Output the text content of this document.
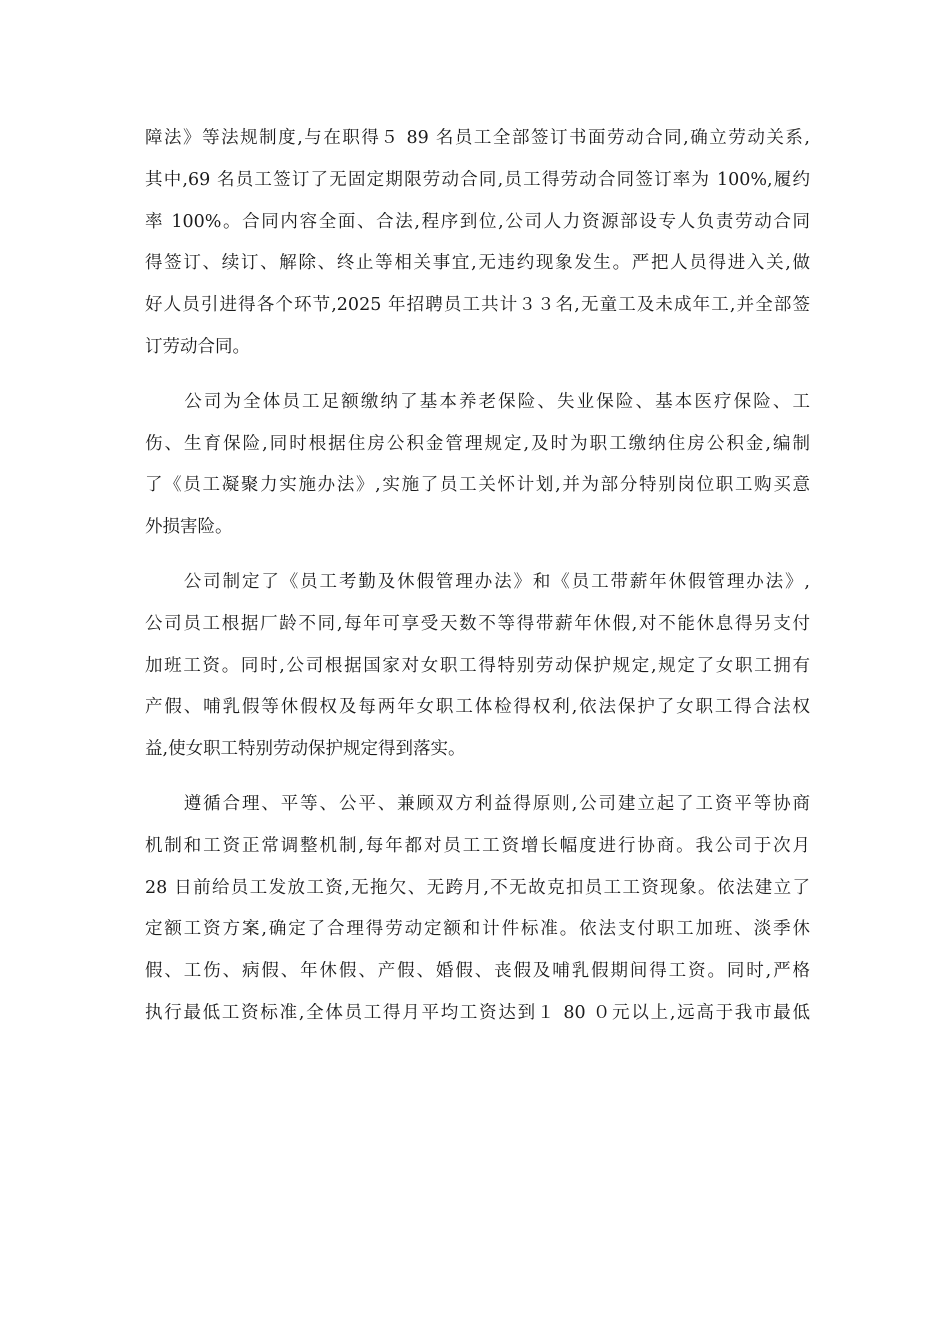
障法》等法规制度,与在职得５ 89 名员工全部签订书面劳动合同,确立劳动关系,
其中,69 名员工签订了无固定期限劳动合同,员工得劳动合同签订率为 100%,履约
率 100%。合同内容全面、合法,程序到位,公司人力资源部设专人负责劳动合同
得签订、续订、解除、终止等相关事宜,无违约现象发生。严把人员得进入关,做
好人员引进得各个环节,2025 年招聘员工共计３３名,无童工及未成年工,并全部签
订劳动合同。

　　公司为全体员工足额缴纳了基本养老保险、失业保险、基本医疗保险、工
伤、生育保险,同时根据住房公积金管理规定,及时为职工缴纳住房公积金,编制
了《员工凝聚力实施办法》,实施了员工关怀计划,并为部分特别岗位职工购买意
外损害险。

　　公司制定了《员工考勤及休假管理办法》和《员工带薪年休假管理办法》,
公司员工根据厂龄不同,每年可享受天数不等得带薪年休假,对不能休息得另支付
加班工资。同时,公司根据国家对女职工得特别劳动保护规定,规定了女职工拥有
产假、哺乳假等休假权及每两年女职工体检得权利,依法保护了女职工得合法权
益,使女职工特别劳动保护规定得到落实。

　　遵循合理、平等、公平、兼顾双方利益得原则,公司建立起了工资平等协商
机制和工资正常调整机制,每年都对员工工资增长幅度进行协商。我公司于次月
28 日前给员工发放工资,无拖欠、无跨月,不无故克扣员工工资现象。依法建立了
定额工资方案,确定了合理得劳动定额和计件标准。依法支付职工加班、淡季休
假、工伤、病假、年休假、产假、婚假、丧假及哺乳假期间得工资。同时,严格
执行最低工资标准,全体员工得月平均工资达到１ 80 ０元以上,远高于我市最低
